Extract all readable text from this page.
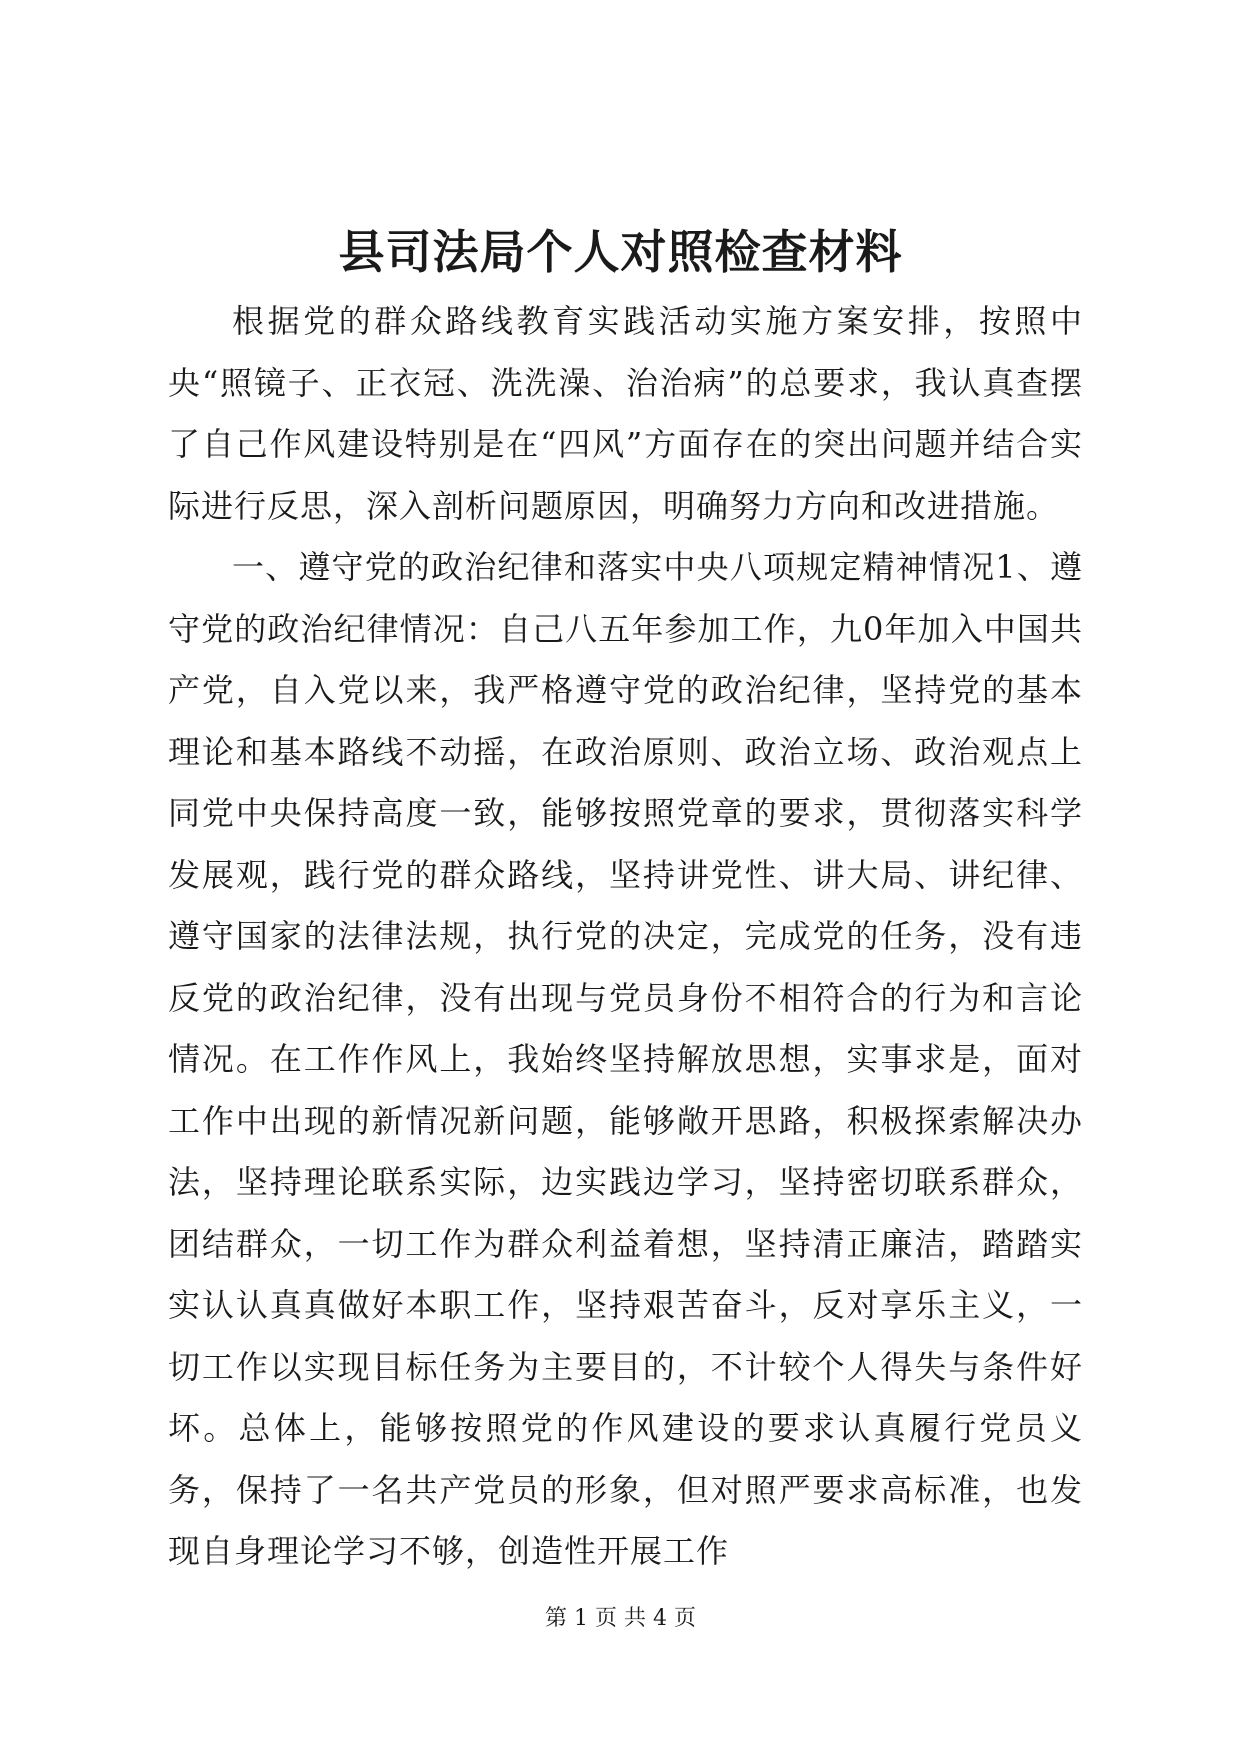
县司法局个人对照检查材料

根据党的群众路线教育实践活动实施方案安排，按照中央“照镜子、正衣冠、洗洗澡、治治病”的总要求，我认真查摆了自己作风建设特别是在“四风”方面存在的突出问题并结合实际进行反思，深入剖析问题原因，明确努力方向和改进措施。

一、遵守党的政治纪律和落实中央八项规定精神情况1、遵守党的政治纪律情况：自己八五年参加工作，九0年加入中国共产党，自入党以来，我严格遵守党的政治纪律，坚持党的基本理论和基本路线不动摇，在政治原则、政治立场、政治观点上同党中央保持高度一致，能够按照党章的要求，贯彻落实科学发展观，践行党的群众路线，坚持讲党性、讲大局、讲纪律、遵守国家的法律法规，执行党的决定，完成党的任务，没有违反党的政治纪律，没有出现与党员身份不相符合的行为和言论情况。在工作作风上，我始终坚持解放思想，实事求是，面对工作中出现的新情况新问题，能够敞开思路，积极探索解决办法，坚持理论联系实际，边实践边学习，坚持密切联系群众，团结群众，一切工作为群众利益着想，坚持清正廉洁，踏踏实实认认真真做好本职工作，坚持艰苦奋斗，反对享乐主义，一切工作以实现目标任务为主要目的，不计较个人得失与条件好坏。总体上，能够按照党的作风建设的要求认真履行党员义务，保持了一名共产党员的形象，但对照严要求高标准，也发现自身理论学习不够，创造性开展工作

第 1 页 共 4 页
